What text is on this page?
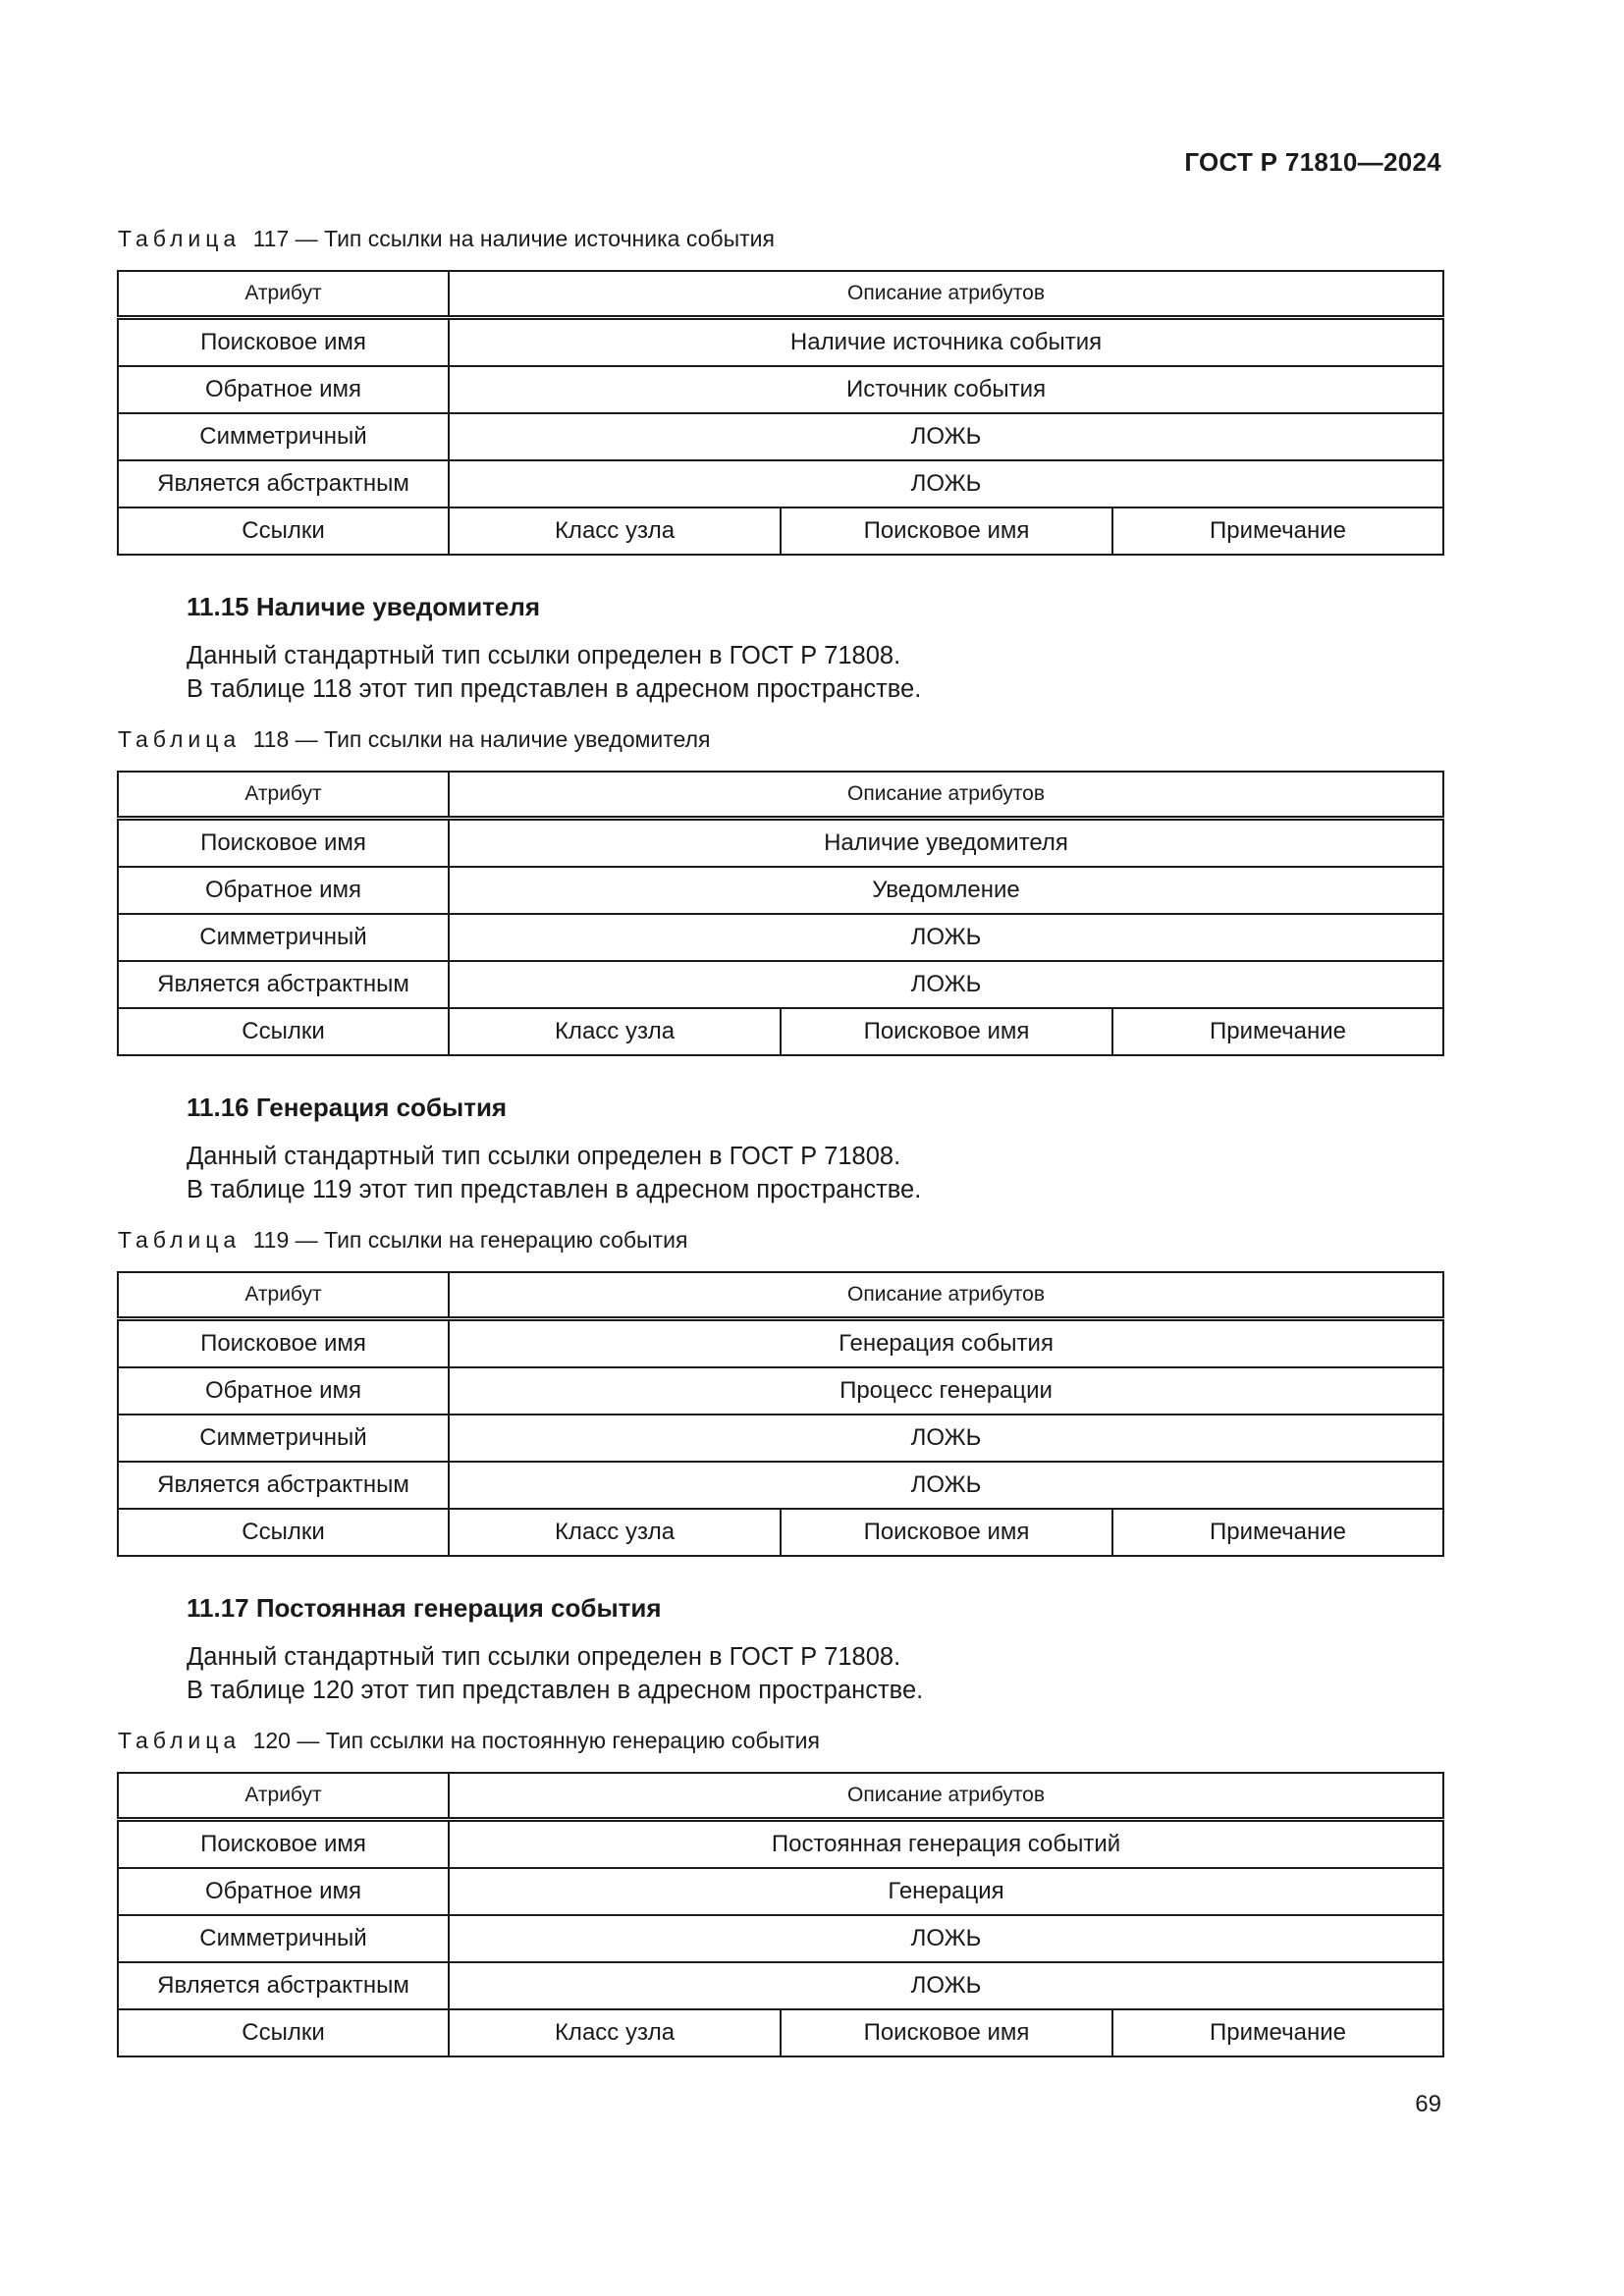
ГОСТ Р 71810—2024
Таблица 117 — Тип ссылки на наличие источника события
Атрибут	Описание атрибутов		
Поисковое имя	Наличие источника события		
Обратное имя	Источник события		
Симметричный	ЛОЖЬ		
Является абстрактным	ЛОЖЬ		
Ссылки	Класс узла	Поисковое имя	Примечание
11.15 Наличие уведомителя
Данный стандартный тип ссылки определен в ГОСТ Р 71808.
В таблице 118 этот тип представлен в адресном пространстве.
Таблица 118 — Тип ссылки на наличие уведомителя
Атрибут	Описание атрибутов		
Поисковое имя	Наличие уведомителя		
Обратное имя	Уведомление		
Симметричный	ЛОЖЬ		
Является абстрактным	ЛОЖЬ		
Ссылки	Класс узла	Поисковое имя	Примечание
11.16 Генерация события
Данный стандартный тип ссылки определен в ГОСТ Р 71808.
В таблице 119 этот тип представлен в адресном пространстве.
Таблица 119 — Тип ссылки на генерацию события
Атрибут	Описание атрибутов		
Поисковое имя	Генерация события		
Обратное имя	Процесс генерации		
Симметричный	ЛОЖЬ		
Является абстрактным	ЛОЖЬ		
Ссылки	Класс узла	Поисковое имя	Примечание
11.17 Постоянная генерация события
Данный стандартный тип ссылки определен в ГОСТ Р 71808.
В таблице 120 этот тип представлен в адресном пространстве.
Таблица 120 — Тип ссылки на постоянную генерацию события
Атрибут	Описание атрибутов		
Поисковое имя	Постоянная генерация событий		
Обратное имя	Генерация		
Симметричный	ЛОЖЬ		
Является абстрактным	ЛОЖЬ		
Ссылки	Класс узла	Поисковое имя	Примечание
69
